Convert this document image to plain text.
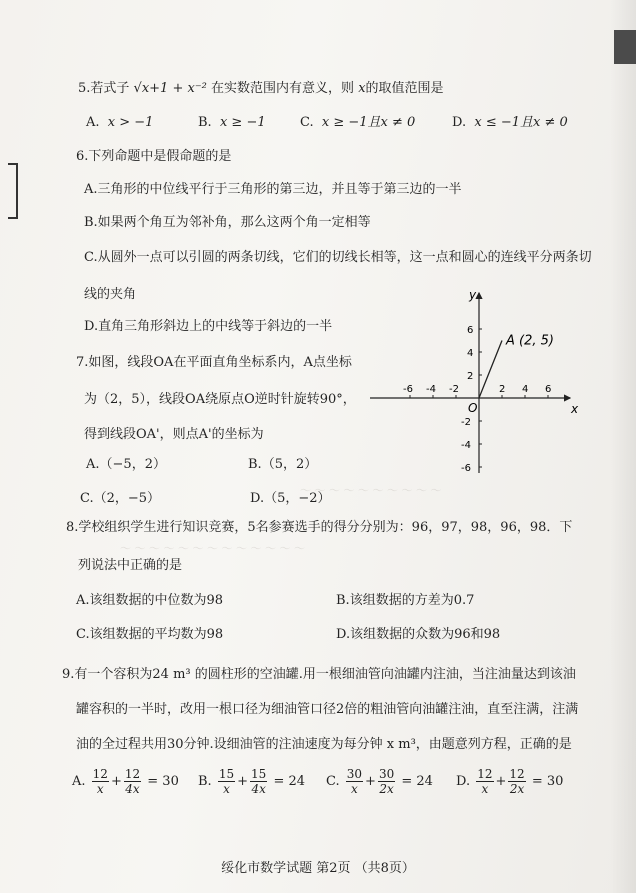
～ ～ ～ ～ ～ ～ ～ ～ ～ ～
～ ～ ～ ～ ～ ～ ～ ～ ～ ～ ～ ～ ～
5.若式子 √x+1 + x⁻² 在实数范围内有意义，则 x的取值范围是
A. x > −1	B. x ≥ −1	C. x ≥ −1且x ≠ 0	D. x ≤ −1且x ≠ 0
6.下列命题中是假命题的是
A.三角形的中位线平行于三角形的第三边，并且等于第三边的一半
B.如果两个角互为邻补角，那么这两个角一定相等
C.从圆外一点可以引圆的两条切线，它们的切线长相等，这一点和圆心的连线平分两条切
线的夹角
D.直角三角形斜边上的中线等于斜边的一半
7.如图，线段OA在平面直角坐标系内，A点坐标
为（2，5），线段OA绕原点O逆时针旋转90°，
得到线段OA'，则点A'的坐标为
A.（−5，2）	B.（5，2）
C.（2，−5）	D.（5，−2）
-6 -4 -2	2 4 6
6
4
2
-2
-4
-6
x
y
O
A (2, 5)
8.学校组织学生进行知识竞赛，5名参赛选手的得分分别为：96，97，98，96，98．下
列说法中正确的是
A.该组数据的中位数为98	B.该组数据的方差为0.7
C.该组数据的平均数为98	D.该组数据的众数为96和98
9.有一个容积为24 m³ 的圆柱形的空油罐.用一根细油管向油罐内注油，当注油量达到该油
罐容积的一半时，改用一根口径为细油管口径2倍的粗油管向油罐注油，直至注满，注满
油的全过程共用30分钟.设细油管的注油速度为每分钟 x m³，由题意列方程，正确的是
A. $\frac{12}{x} + \frac{12}{4x} = 30$ B. $\frac{15}{x} + \frac{15}{4x} = 24$ C. $\frac{30}{x} + \frac{30}{2x} = 24$ D. $\frac{12}{x} + \frac{12}{2x} = 30$
绥化市数学试题 第2页 （共8页）
